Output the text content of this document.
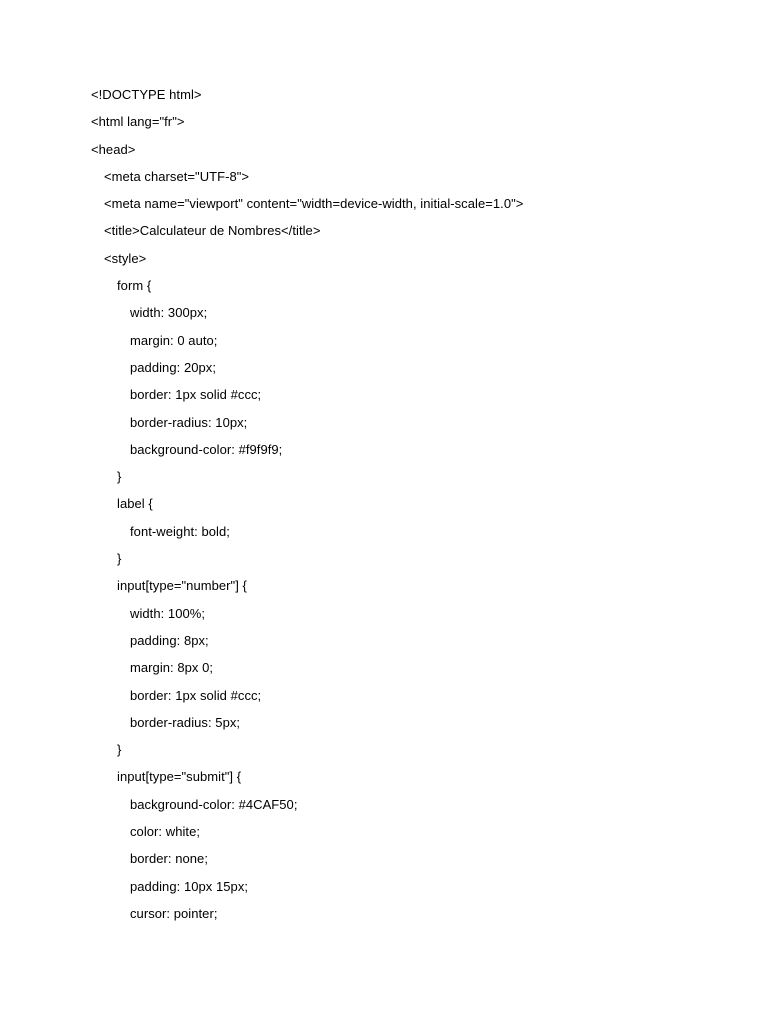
<!DOCTYPE html>
<html lang="fr">
<head>
<meta charset="UTF-8">
<meta name="viewport" content="width=device-width, initial-scale=1.0">
<title>Calculateur de Nombres</title>
<style>
form {
width: 300px;
margin: 0 auto;
padding: 20px;
border: 1px solid #ccc;
border-radius: 10px;
background-color: #f9f9f9;
}
label {
font-weight: bold;
}
input[type="number"] {
width: 100%;
padding: 8px;
margin: 8px 0;
border: 1px solid #ccc;
border-radius: 5px;
}
input[type="submit"] {
background-color: #4CAF50;
color: white;
border: none;
padding: 10px 15px;
cursor: pointer;
